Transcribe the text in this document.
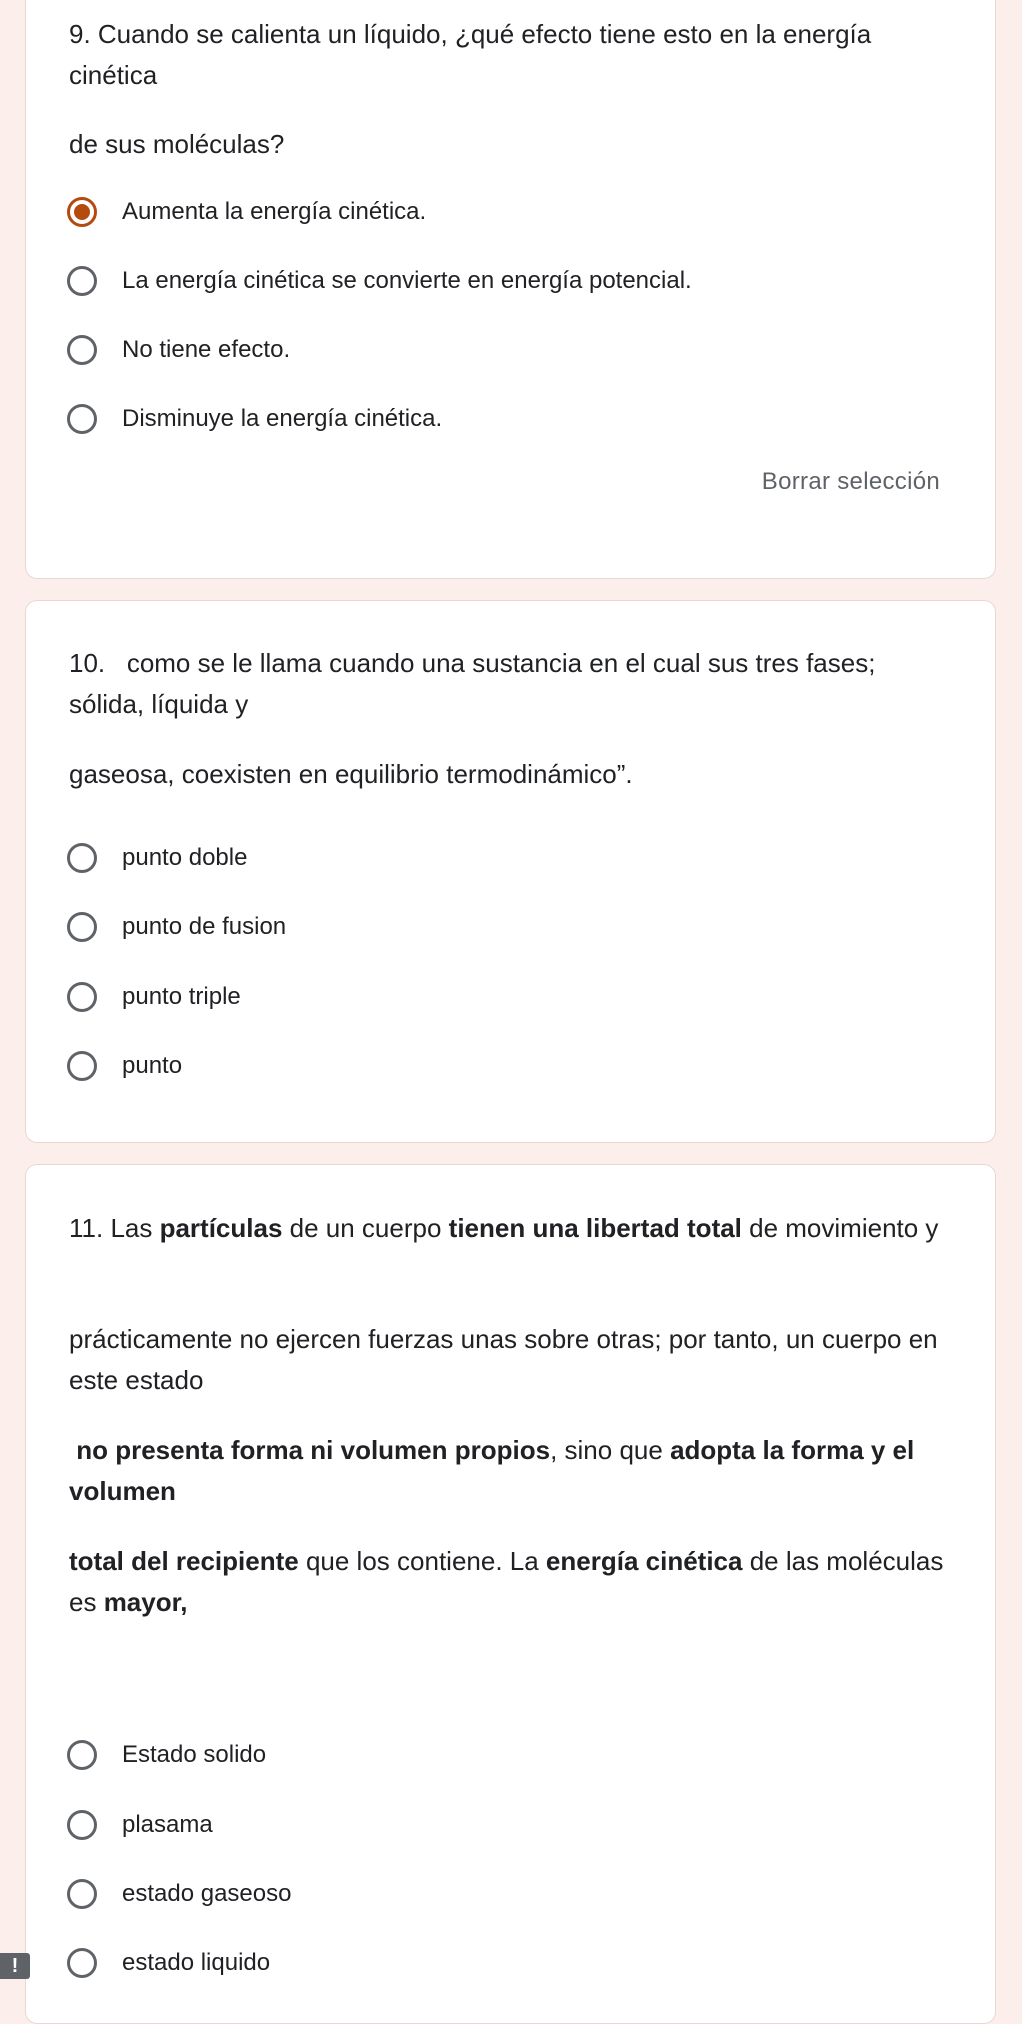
9. Cuando se calienta un líquido, ¿qué efecto tiene esto en la energía
cinética

de sus moléculas?

Aumenta la energía cinética.
La energía cinética se convierte en energía potencial.
No tiene efecto.
Disminuye la energía cinética.
Borrar selección

10.   como se le llama cuando una sustancia en el cual sus tres fases;
sólida, líquida y

gaseosa, coexisten en equilibrio termodinámico”.

punto doble
punto de fusion
punto triple
punto

11. Las partículas de un cuerpo tienen una libertad total de movimiento y

prácticamente no ejercen fuerzas unas sobre otras; por tanto, un cuerpo en este estado

no presenta forma ni volumen propios, sino que adopta la forma y el volumen

total del recipiente que los contiene. La energía cinética de las moléculas es mayor,

Estado solido
plasama
estado gaseoso
estado liquido
!
